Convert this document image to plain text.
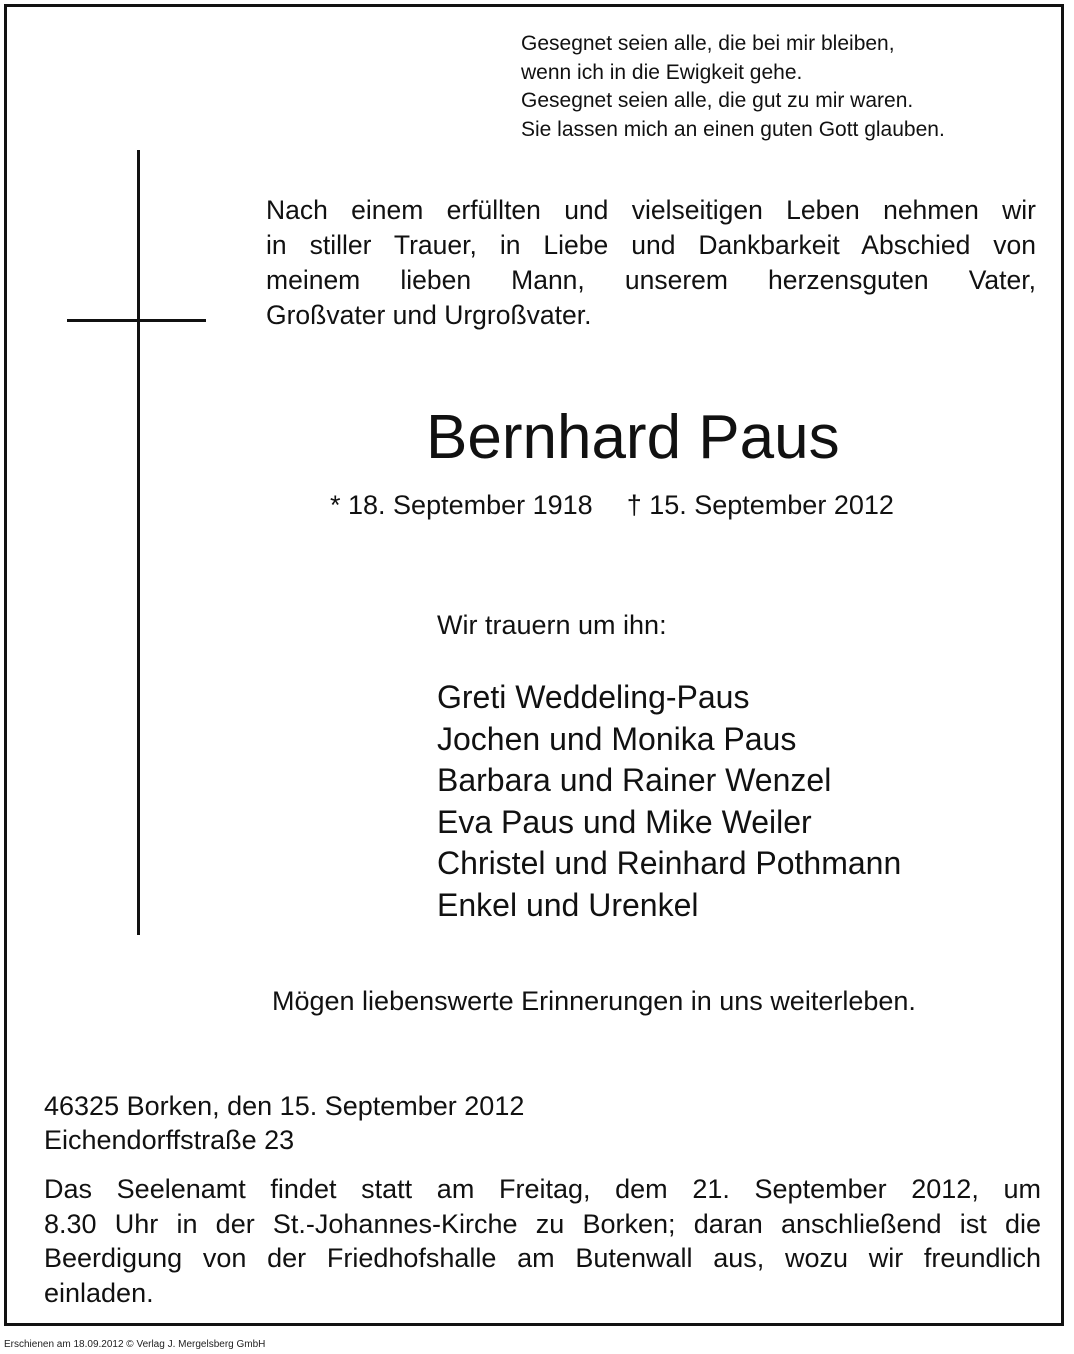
Gesegnet seien alle, die bei mir bleiben,
wenn ich in die Ewigkeit gehe.
Gesegnet seien alle, die gut zu mir waren.
Sie lassen mich an einen guten Gott glauben.
Nach einem erfüllten und vielseitigen Leben nehmen wir
in stiller Trauer, in Liebe und Dankbarkeit Abschied von
meinem lieben Mann, unserem herzensguten Vater,
Großvater und Urgroßvater.
Bernhard Paus
* 18. September 1918 † 15. September 2012
Wir trauern um ihn:
Greti Weddeling-Paus
Jochen und Monika Paus
Barbara und Rainer Wenzel
Eva Paus und Mike Weiler
Christel und Reinhard Pothmann
Enkel und Urenkel
Mögen liebenswerte Erinnerungen in uns weiterleben.
46325 Borken, den 15. September 2012
Eichendorffstraße 23
Das Seelenamt findet statt am Freitag, dem 21. September 2012, um
8.30 Uhr in der St.-Johannes-Kirche zu Borken; daran anschließend ist die
Beerdigung von der Friedhofshalle am Butenwall aus, wozu wir freundlich
einladen.
Erschienen am 18.09.2012 © Verlag J. Mergelsberg GmbH
